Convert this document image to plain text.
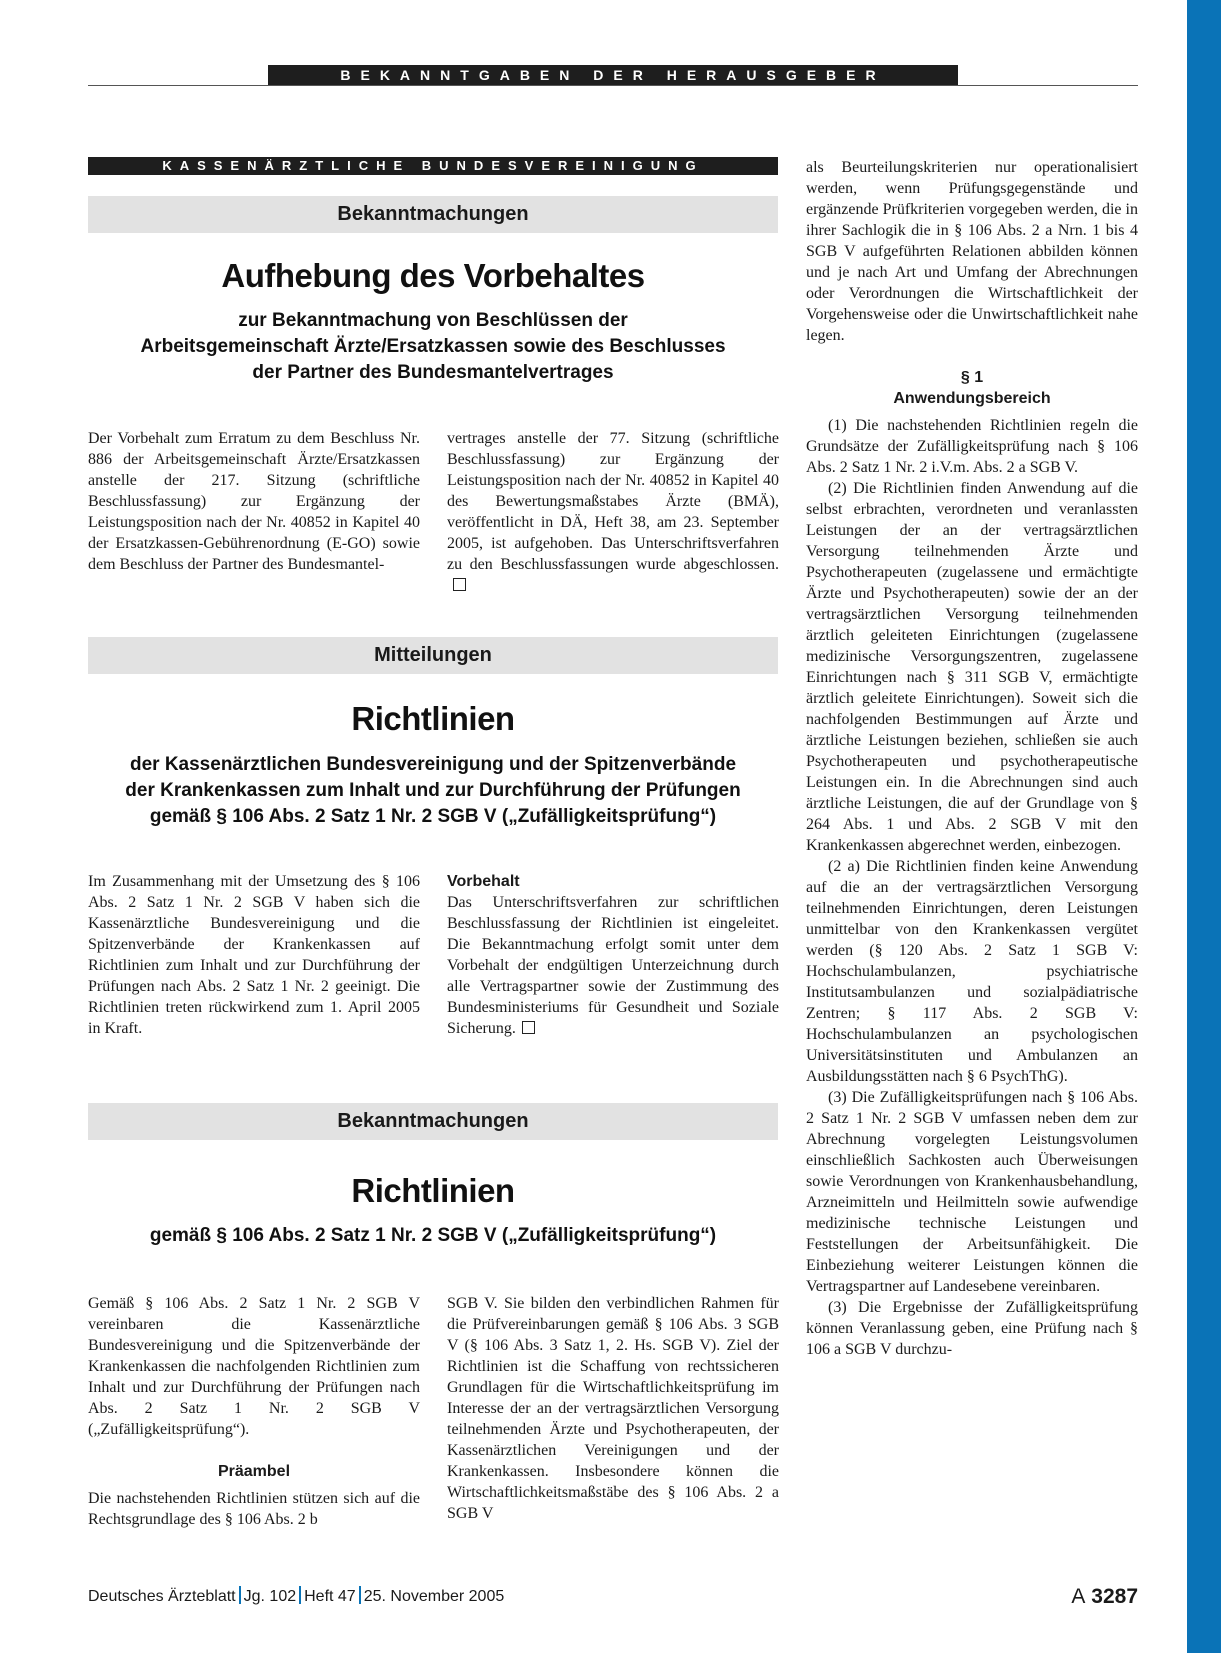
BEKANNTGABEN DER HERAUSGEBER
KASSENÄRZTLICHE BUNDESVEREINIGUNG
Bekanntmachungen
Aufhebung des Vorbehaltes
zur Bekanntmachung von Beschlüssen der
Arbeitsgemeinschaft Ärzte/Ersatzkassen sowie des Beschlusses
der Partner des Bundesmantelvertrages

Der Vorbehalt zum Erratum zu dem Beschluss Nr. 886 der Arbeitsgemeinschaft Ärzte/Ersatzkassen anstelle der 217. Sitzung (schriftliche Beschlussfassung) zur Ergänzung der Leistungsposition nach der Nr. 40852 in Kapitel 40 der Ersatzkassen-Gebührenordnung (E-GO) sowie dem Beschluss der Partner des Bundesmantel-

vertrages anstelle der 77. Sitzung (schriftliche Beschlussfassung) zur Ergänzung der Leistungsposition nach der Nr. 40852 in Kapitel 40 des Bewertungsmaßstabes Ärzte (BMÄ), veröffentlicht in DÄ, Heft 38, am 23. September 2005, ist aufgehoben. Das Unterschriftsverfahren zu den Beschlussfassungen wurde abgeschlossen.

Mitteilungen
Richtlinien
der Kassenärztlichen Bundesvereinigung und der Spitzenverbände
der Krankenkassen zum Inhalt und zur Durchführung der Prüfungen
gemäß § 106 Abs. 2 Satz 1 Nr. 2 SGB V („Zufälligkeitsprüfung“)

Im Zusammenhang mit der Umsetzung des § 106 Abs. 2 Satz 1 Nr. 2 SGB V haben sich die Kassenärztliche Bundesvereinigung und die Spitzenverbände der Krankenkassen auf Richtlinien zum Inhalt und zur Durchführung der Prüfungen nach Abs. 2 Satz 1 Nr. 2 geeinigt. Die Richtlinien treten rückwirkend zum 1. April 2005 in Kraft.

Vorbehalt

Das Unterschriftsverfahren zur schriftlichen Beschlussfassung der Richtlinien ist eingeleitet. Die Bekanntmachung erfolgt somit unter dem Vorbehalt der endgültigen Unterzeichnung durch alle Vertragspartner sowie der Zustimmung des Bundesministeriums für Gesundheit und Soziale Sicherung.

Bekanntmachungen
Richtlinien
gemäß § 106 Abs. 2 Satz 1 Nr. 2 SGB V („Zufälligkeitsprüfung“)

Gemäß § 106 Abs. 2 Satz 1 Nr. 2 SGB V vereinbaren die Kassenärztliche Bundesvereinigung und die Spitzenverbände der Krankenkassen die nachfolgenden Richtlinien zum Inhalt und zur Durchführung der Prüfungen nach Abs. 2 Satz 1 Nr. 2 SGB V („Zufälligkeitsprüfung“).

Präambel

Die nachstehenden Richtlinien stützen sich auf die Rechtsgrundlage des § 106 Abs. 2 b

SGB V. Sie bilden den verbindlichen Rahmen für die Prüfvereinbarungen gemäß § 106 Abs. 3 SGB V (§ 106 Abs. 3 Satz 1, 2. Hs. SGB V). Ziel der Richtlinien ist die Schaffung von rechtssicheren Grundlagen für die Wirtschaftlichkeitsprüfung im Interesse der an der vertragsärztlichen Versorgung teilnehmenden Ärzte und Psychotherapeuten, der Kassenärztlichen Vereinigungen und der Krankenkassen. Insbesondere können die Wirtschaftlichkeitsmaßstäbe des § 106 Abs. 2 a SGB V

als Beurteilungskriterien nur operationalisiert werden, wenn Prüfungsgegenstände und ergänzende Prüfkriterien vorgegeben werden, die in ihrer Sachlogik die in § 106 Abs. 2 a Nrn. 1 bis 4 SGB V aufgeführten Relationen abbilden können und je nach Art und Umfang der Abrechnungen oder Verordnungen die Wirtschaftlichkeit der Vorgehensweise oder die Unwirtschaftlichkeit nahe legen.

§ 1

Anwendungsbereich

(1) Die nachstehenden Richtlinien regeln die Grundsätze der Zufälligkeitsprüfung nach § 106 Abs. 2 Satz 1 Nr. 2 i.V.m. Abs. 2 a SGB V.

(2) Die Richtlinien finden Anwendung auf die selbst erbrachten, verordneten und veranlassten Leistungen der an der vertragsärztlichen Versorgung teilnehmenden Ärzte und Psychotherapeuten (zugelassene und ermächtigte Ärzte und Psychotherapeuten) sowie der an der vertragsärztlichen Versorgung teilnehmenden ärztlich geleiteten Einrichtungen (zugelassene medizinische Versorgungszentren, zugelassene Einrichtungen nach § 311 SGB V, ermächtigte ärztlich geleitete Einrichtungen). Soweit sich die nachfolgenden Bestimmungen auf Ärzte und ärztliche Leistungen beziehen, schließen sie auch Psychotherapeuten und psychotherapeutische Leistungen ein. In die Abrechnungen sind auch ärztliche Leistungen, die auf der Grundlage von § 264 Abs. 1 und Abs. 2 SGB V mit den Krankenkassen abgerechnet werden, einbezogen.

(2 a) Die Richtlinien finden keine Anwendung auf die an der vertragsärztlichen Versorgung teilnehmenden Einrichtungen, deren Leistungen unmittelbar von den Krankenkassen vergütet werden (§ 120 Abs. 2 Satz 1 SGB V: Hochschulambulanzen, psychiatrische Institutsambulanzen und sozialpädiatrische Zentren; § 117 Abs. 2 SGB V: Hochschulambulanzen an psychologischen Universitätsinstituten und Ambulanzen an Ausbildungsstätten nach § 6 PsychThG).

(3) Die Zufälligkeitsprüfungen nach § 106 Abs. 2 Satz 1 Nr. 2 SGB V umfassen neben dem zur Abrechnung vorgelegten Leistungsvolumen einschließlich Sachkosten auch Überweisungen sowie Verordnungen von Krankenhausbehandlung, Arzneimitteln und Heilmitteln sowie aufwendige medizinische technische Leistungen und Feststellungen der Arbeitsunfähigkeit. Die Einbeziehung weiterer Leistungen können die Vertragspartner auf Landesebene vereinbaren.

(3) Die Ergebnisse der Zufälligkeitsprüfung können Veranlassung geben, eine Prüfung nach § 106 a SGB V durchzu-

Deutsches Ärzteblatt Jg. 102 Heft 47 25. November 2005	A 3287
